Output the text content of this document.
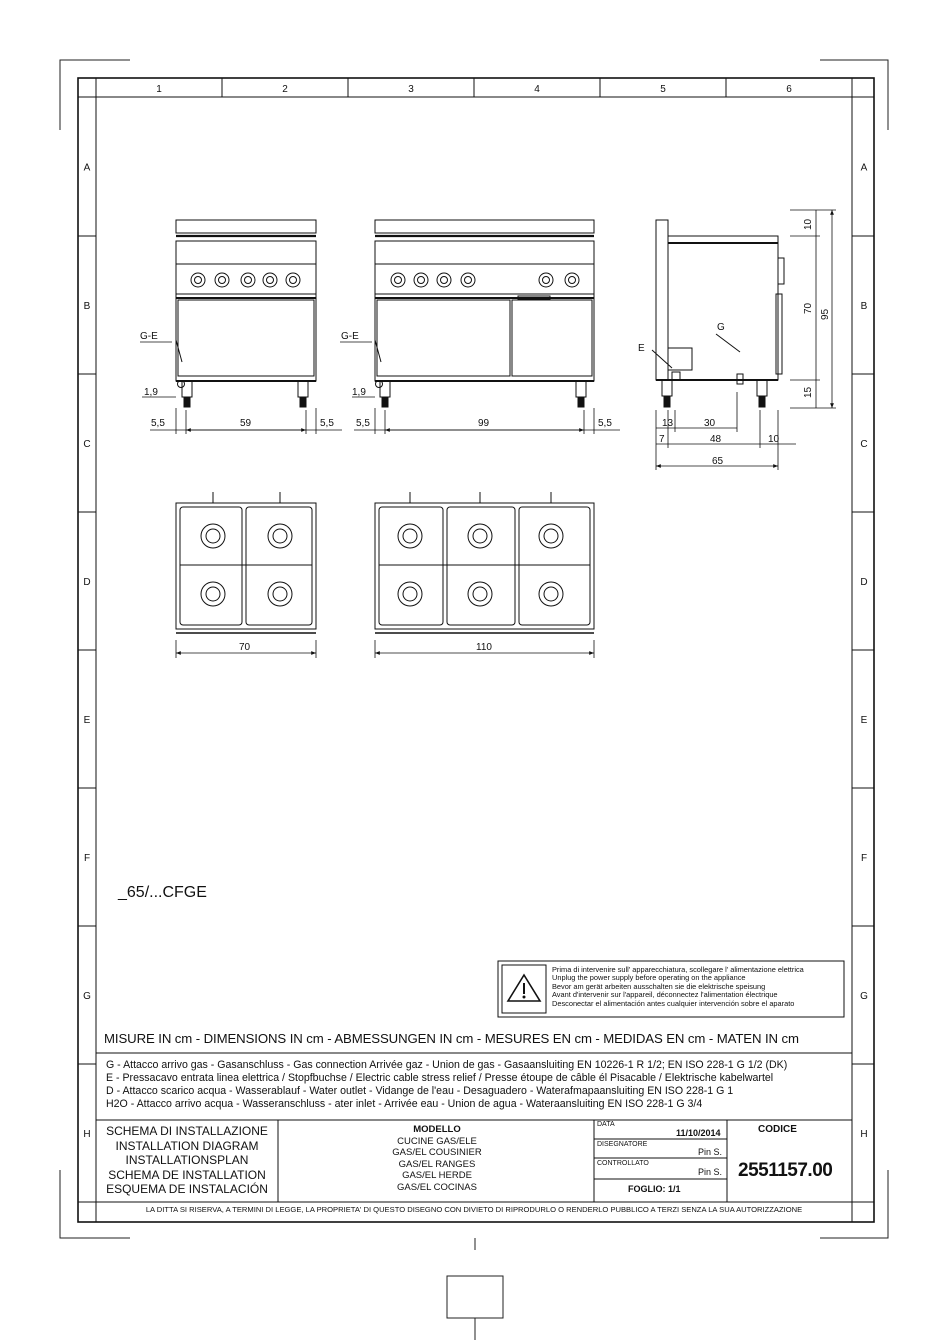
1	2	3	4	5	6
A	A
B	B
C	C
D	D
E	E
F	F
G	G
H	H
G-E	G-E
1,9	1,9
5,5	59	5,5 5,5	99	5,5
G
E
13	30
7	48	10
65
10
70
95
15
70	110
_65/...CFGE
Prima di intervenire sull' apparecchiatura, scollegare l' alimentazione elettrica
Unplug the power supply before operating on the appliance
Bevor am gerät arbeiten ausschalten sie die elektrische speisung
Avant d'intervenir sur l'appareil, déconnectez l'alimentation électrique
Desconectar el alimentación antes cualquier intervención sobre el aparato
MISURE IN cm - DIMENSIONS IN cm - ABMESSUNGEN IN cm - MESURES EN cm - MEDIDAS EN cm - MATEN IN cm
G - Attacco arrivo gas - Gasanschluss - Gas connection Arrivée gaz - Union de gas - Gasaansluiting EN 10226-1 R 1/2; EN ISO 228-1 G 1/2 (DK)
E - Pressacavo entrata linea elettrica / Stopfbuchse / Electric cable stress relief / Presse étoupe de câble él Pisacable / Elektrische kabelwartel
D - Attacco scarico acqua - Wasserablauf - Water outlet - Vidange de l'eau - Desaguadero - Waterafmapaansluiting EN ISO 228-1 G 1
H2O - Attacco arrivo acqua - Wasseranschluss - ater inlet - Arrivée eau - Union de agua - Wateraansluiting EN ISO 228-1 G 3/4
SCHEMA DI INSTALLAZIONE
INSTALLATION DIAGRAM
INSTALLATIONSPLAN
SCHEMA DE INSTALLATION
ESQUEMA DE INSTALACIÓN
MODELLO
CUCINE GAS/ELE
GAS/EL COUSINIER
GAS/EL RANGES
GAS/EL HERDE
GAS/EL COCINAS
DATA
11/10/2014
DISEGNATORE
Pin S.
CONTROLLATO
Pin S.
FOGLIO: 1/1
CODICE
2551157.00
LA DITTA SI RISERVA, A TERMINI DI LEGGE, LA PROPRIETA' DI QUESTO DISEGNO CON DIVIETO DI RIPRODURLO O RENDERLO PUBBLICO A TERZI SENZA LA SUA AUTORIZZAZIONE
